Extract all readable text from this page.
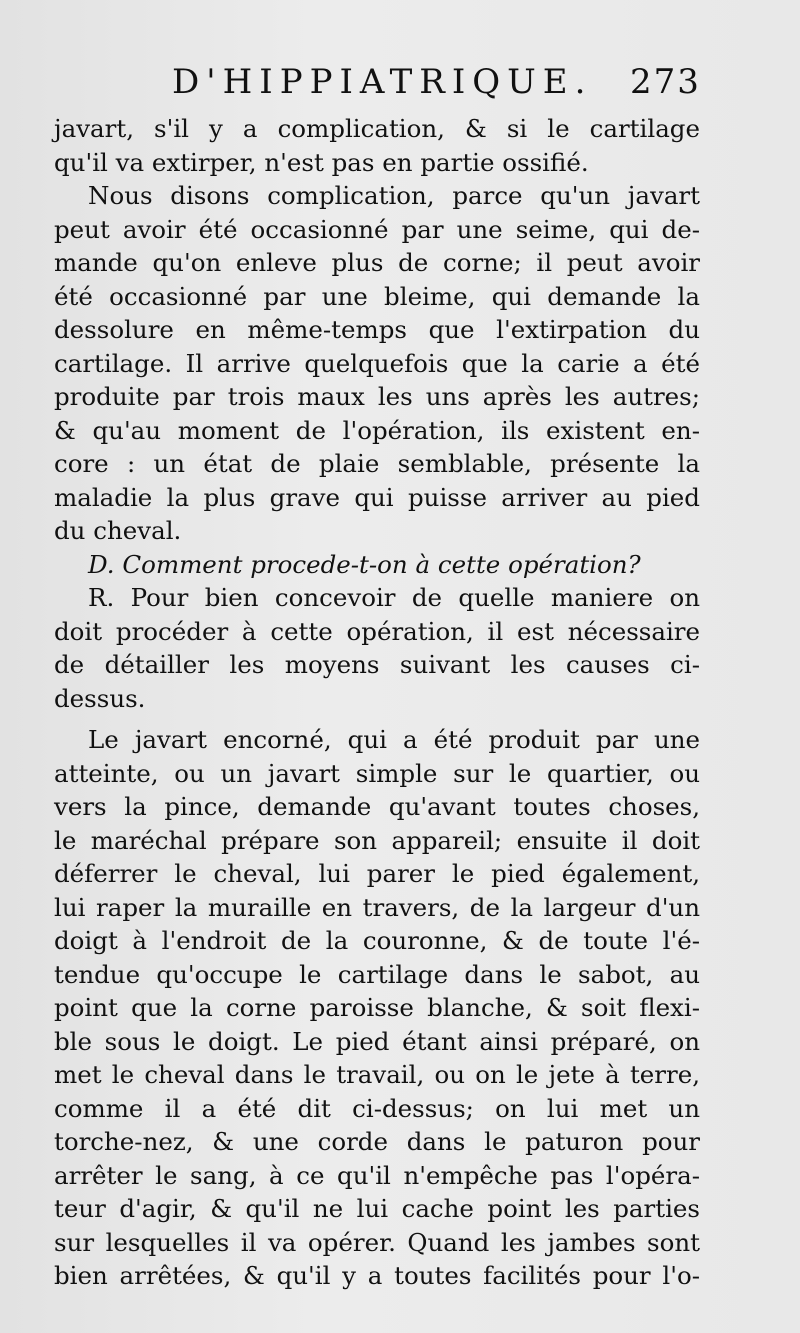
D'HIPPIATRIQUE. 273
javart, s'il y a complication, & si le cartilage
qu'il va extirper, n'est pas en partie ossifié.
Nous disons complication, parce qu'un javart
peut avoir été occasionné par une seime, qui de-
mande qu'on enleve plus de corne; il peut avoir
été occasionné par une bleime, qui demande la
dessolure en même-temps que l'extirpation du
cartilage. Il arrive quelquefois que la carie a été
produite par trois maux les uns après les autres;
& qu'au moment de l'opération, ils existent en-
core : un état de plaie semblable, présente la
maladie la plus grave qui puisse arriver au pied
du cheval.
D. Comment procede-t-on à cette opération?
R. Pour bien concevoir de quelle maniere on
doit procéder à cette opération, il est nécessaire
de détailler les moyens suivant les causes ci-
dessus.
Le javart encorné, qui a été produit par une
atteinte, ou un javart simple sur le quartier, ou
vers la pince, demande qu'avant toutes choses,
le maréchal prépare son appareil; ensuite il doit
déferrer le cheval, lui parer le pied également,
lui raper la muraille en travers, de la largeur d'un
doigt à l'endroit de la couronne, & de toute l'é-
tendue qu'occupe le cartilage dans le sabot, au
point que la corne paroisse blanche, & soit flexi-
ble sous le doigt. Le pied étant ainsi préparé, on
met le cheval dans le travail, ou on le jete à terre,
comme il a été dit ci-dessus; on lui met un
torche-nez, & une corde dans le paturon pour
arrêter le sang, à ce qu'il n'empêche pas l'opéra-
teur d'agir, & qu'il ne lui cache point les parties
sur lesquelles il va opérer. Quand les jambes sont
bien arrêtées, & qu'il y a toutes facilités pour l'o-
